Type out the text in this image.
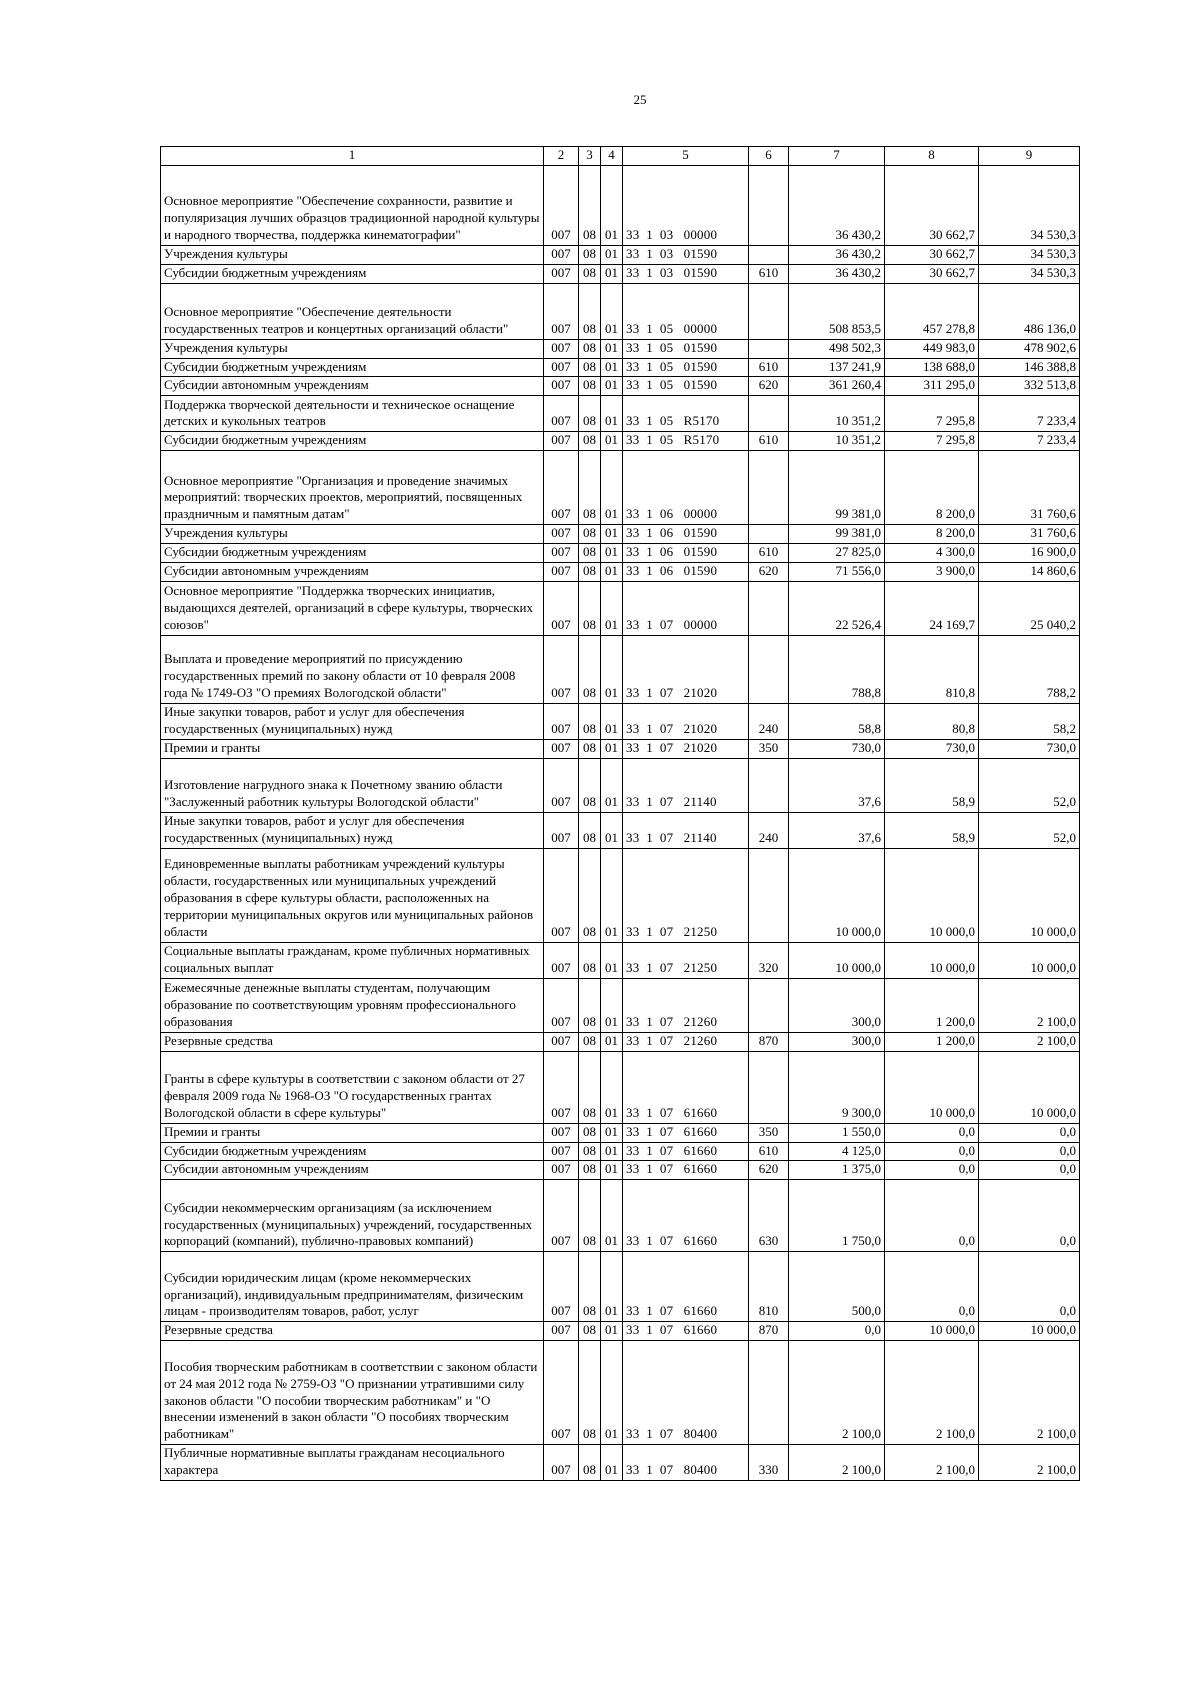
25
1	2	3	4	5	6	7	8	9
Основное мероприятие "Обеспечение сохранности, развитие и популяризация лучших образцов традиционной народной культуры и народного творчества, поддержка кинематографии"	007	08	01	33  1  03   00000		36 430,2	30 662,7	34 530,3
Учреждения культуры	007	08	01	33  1  03   01590		36 430,2	30 662,7	34 530,3
Субсидии бюджетным учреждениям	007	08	01	33  1  03   01590	610	36 430,2	30 662,7	34 530,3
Основное мероприятие "Обеспечение деятельности государственных театров и концертных организаций области"	007	08	01	33  1  05   00000		508 853,5	457 278,8	486 136,0
Учреждения культуры	007	08	01	33  1  05   01590		498 502,3	449 983,0	478 902,6
Субсидии бюджетным учреждениям	007	08	01	33  1  05   01590	610	137 241,9	138 688,0	146 388,8
Субсидии автономным учреждениям	007	08	01	33  1  05   01590	620	361 260,4	311 295,0	332 513,8
Поддержка творческой деятельности и техническое оснащение детских и кукольных театров	007	08	01	33  1  05   R5170		10 351,2	7 295,8	7 233,4
Субсидии бюджетным учреждениям	007	08	01	33  1  05   R5170	610	10 351,2	7 295,8	7 233,4
Основное мероприятие "Организация и проведение значимых мероприятий: творческих проектов, мероприятий, посвященных праздничным и памятным датам"	007	08	01	33  1  06   00000		99 381,0	8 200,0	31 760,6
Учреждения культуры	007	08	01	33  1  06   01590		99 381,0	8 200,0	31 760,6
Субсидии бюджетным учреждениям	007	08	01	33  1  06   01590	610	27 825,0	4 300,0	16 900,0
Субсидии автономным учреждениям	007	08	01	33  1  06   01590	620	71 556,0	3 900,0	14 860,6
Основное мероприятие "Поддержка творческих инициатив, выдающихся деятелей, организаций в сфере культуры, творческих союзов"	007	08	01	33  1  07   00000		22 526,4	24 169,7	25 040,2
Выплата и проведение мероприятий по присуждению государственных премий по закону области от 10 февраля 2008 года № 1749-ОЗ "О премиях Вологодской области"	007	08	01	33  1  07   21020		788,8	810,8	788,2
Иные закупки товаров, работ и услуг для обеспечения государственных (муниципальных) нужд	007	08	01	33  1  07   21020	240	58,8	80,8	58,2
Премии и гранты	007	08	01	33  1  07   21020	350	730,0	730,0	730,0
Изготовление нагрудного знака к Почетному званию области "Заслуженный работник культуры Вологодской области"	007	08	01	33  1  07   21140		37,6	58,9	52,0
Иные закупки товаров, работ и услуг для обеспечения государственных (муниципальных) нужд	007	08	01	33  1  07   21140	240	37,6	58,9	52,0
Единовременные выплаты работникам учреждений культуры области, государственных или муниципальных учреждений образования в сфере культуры области, расположенных на территории муниципальных округов или муниципальных районов области	007	08	01	33  1  07   21250		10 000,0	10 000,0	10 000,0
Социальные выплаты гражданам, кроме публичных нормативных социальных выплат	007	08	01	33  1  07   21250	320	10 000,0	10 000,0	10 000,0
Ежемесячные денежные выплаты студентам, получающим образование по соответствующим уровням профессионального образования	007	08	01	33  1  07   21260		300,0	1 200,0	2 100,0
Резервные средства	007	08	01	33  1  07   21260	870	300,0	1 200,0	2 100,0
Гранты в сфере культуры в соответствии с законом области от 27 февраля 2009 года № 1968-ОЗ "О государственных грантах Вологодской области в сфере культуры"	007	08	01	33  1  07   61660		9 300,0	10 000,0	10 000,0
Премии и гранты	007	08	01	33  1  07   61660	350	1 550,0	0,0	0,0
Субсидии бюджетным учреждениям	007	08	01	33  1  07   61660	610	4 125,0	0,0	0,0
Субсидии автономным учреждениям	007	08	01	33  1  07   61660	620	1 375,0	0,0	0,0
Субсидии некоммерческим организациям (за исключением государственных (муниципальных) учреждений, государственных корпораций (компаний), публично-правовых компаний)	007	08	01	33  1  07   61660	630	1 750,0	0,0	0,0
Субсидии юридическим лицам (кроме некоммерческих организаций), индивидуальным предпринимателям, физическим лицам - производителям товаров, работ, услуг	007	08	01	33  1  07   61660	810	500,0	0,0	0,0
Резервные средства	007	08	01	33  1  07   61660	870	0,0	10 000,0	10 000,0
Пособия творческим работникам в соответствии с законом области от 24 мая 2012 года № 2759-ОЗ "О признании утратившими силу законов области "О пособии творческим работникам" и "О внесении изменений в закон области "О пособиях творческим работникам"	007	08	01	33  1  07   80400		2 100,0	2 100,0	2 100,0
Публичные нормативные выплаты гражданам несоциального характера	007	08	01	33  1  07   80400	330	2 100,0	2 100,0	2 100,0
